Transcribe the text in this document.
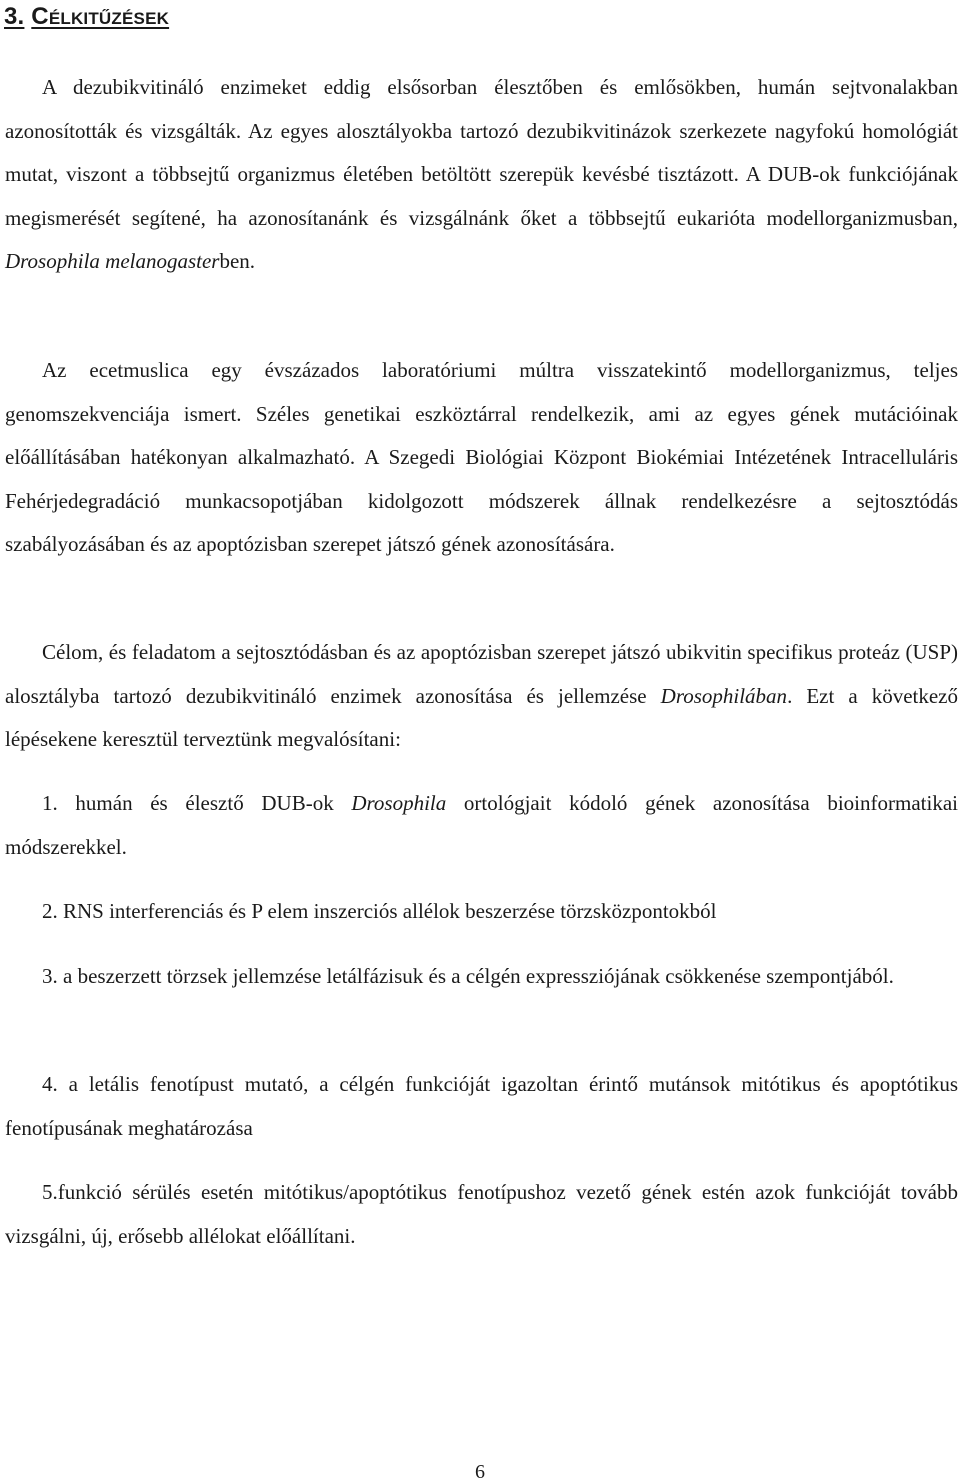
3. Célkitűzések

A dezubikvitináló enzimeket eddig elsősorban élesztőben és emlősökben, humán sejtvonalakban azonosították és vizsgálták. Az egyes alosztályokba tartozó dezubikvitinázok szerkezete nagyfokú homológiát mutat, viszont a többsejtű organizmus életében betöltött szerepük kevésbé tisztázott. A DUB-ok funkciójának megismerését segítené, ha azonosítanánk és vizsgálnánk őket a többsejtű eukarióta modellorganizmusban, Drosophila melanogasterben.

Az ecetmuslica egy évszázados laboratóriumi múltra visszatekintő modellorganizmus, teljes genomszekvenciája ismert. Széles genetikai eszköztárral rendelkezik, ami az egyes gének mutációinak előállításában hatékonyan alkalmazható. A Szegedi Biológiai Központ Biokémiai Intézetének Intracelluláris Fehérjedegradáció munkacsopotjában kidolgozott módszerek állnak rendelkezésre a sejtosztódás szabályozásában és az apoptózisban szerepet játszó gének azonosítására.

Célom, és feladatom a sejtosztódásban és az apoptózisban szerepet játszó ubikvitin specifikus proteáz (USP) alosztályba tartozó dezubikvitináló enzimek azonosítása és jellemzése Drosophilában. Ezt a következő lépésekene keresztül terveztünk megvalósítani:

1. humán és élesztő DUB-ok Drosophila ortológjait kódoló gének azonosítása bioinformatikai módszerekkel.

2. RNS interferenciás és P elem inszerciós allélok beszerzése törzsközpontokból

3. a beszerzett törzsek jellemzése letálfázisuk és a célgén expressziójának csökkenése szempontjából.

4. a letális fenotípust mutató, a célgén funkcióját igazoltan érintő mutánsok mitótikus és apoptótikus fenotípusának meghatározása

5.funkció sérülés esetén mitótikus/apoptótikus fenotípushoz vezető gének estén azok funkcióját tovább vizsgálni, új, erősebb allélokat előállítani.

6
